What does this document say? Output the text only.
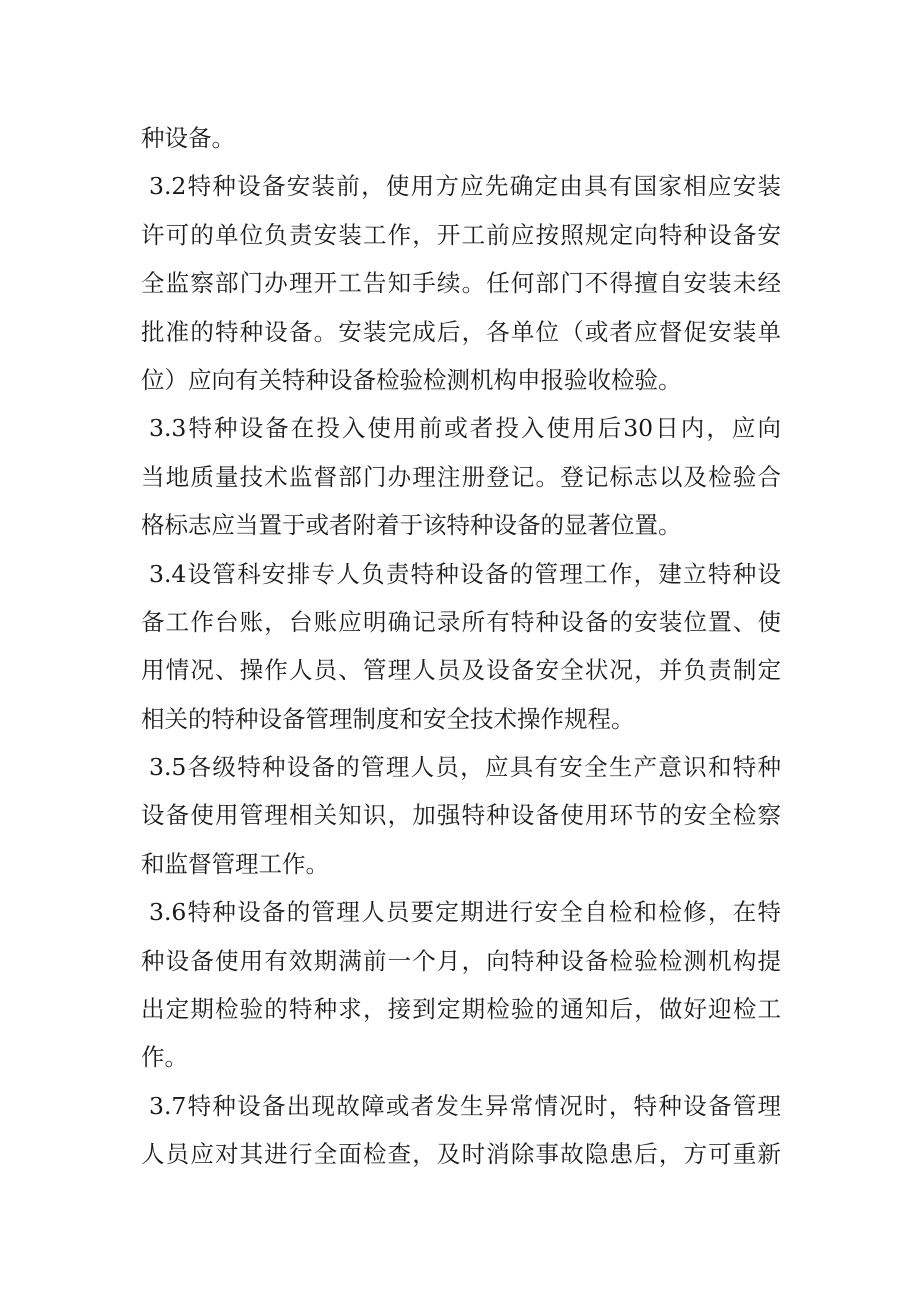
种设备。
3.2特种设备安装前，使用方应先确定由具有国家相应安装
许可的单位负责安装工作，开工前应按照规定向特种设备安
全监察部门办理开工告知手续。任何部门不得擅自安装未经
批准的特种设备。安装完成后，各单位（或者应督促安装单
位）应向有关特种设备检验检测机构申报验收检验。
3.3特种设备在投入使用前或者投入使用后30日内，应向
当地质量技术监督部门办理注册登记。登记标志以及检验合
格标志应当置于或者附着于该特种设备的显著位置。
3.4设管科安排专人负责特种设备的管理工作，建立特种设
备工作台账，台账应明确记录所有特种设备的安装位置、使
用情况、操作人员、管理人员及设备安全状况，并负责制定
相关的特种设备管理制度和安全技术操作规程。
3.5各级特种设备的管理人员，应具有安全生产意识和特种
设备使用管理相关知识，加强特种设备使用环节的安全检察
和监督管理工作。
3.6特种设备的管理人员要定期进行安全自检和检修，在特
种设备使用有效期满前一个月，向特种设备检验检测机构提
出定期检验的特种求，接到定期检验的通知后，做好迎检工
作。
3.7特种设备出现故障或者发生异常情况时，特种设备管理
人员应对其进行全面检查，及时消除事故隐患后，方可重新
